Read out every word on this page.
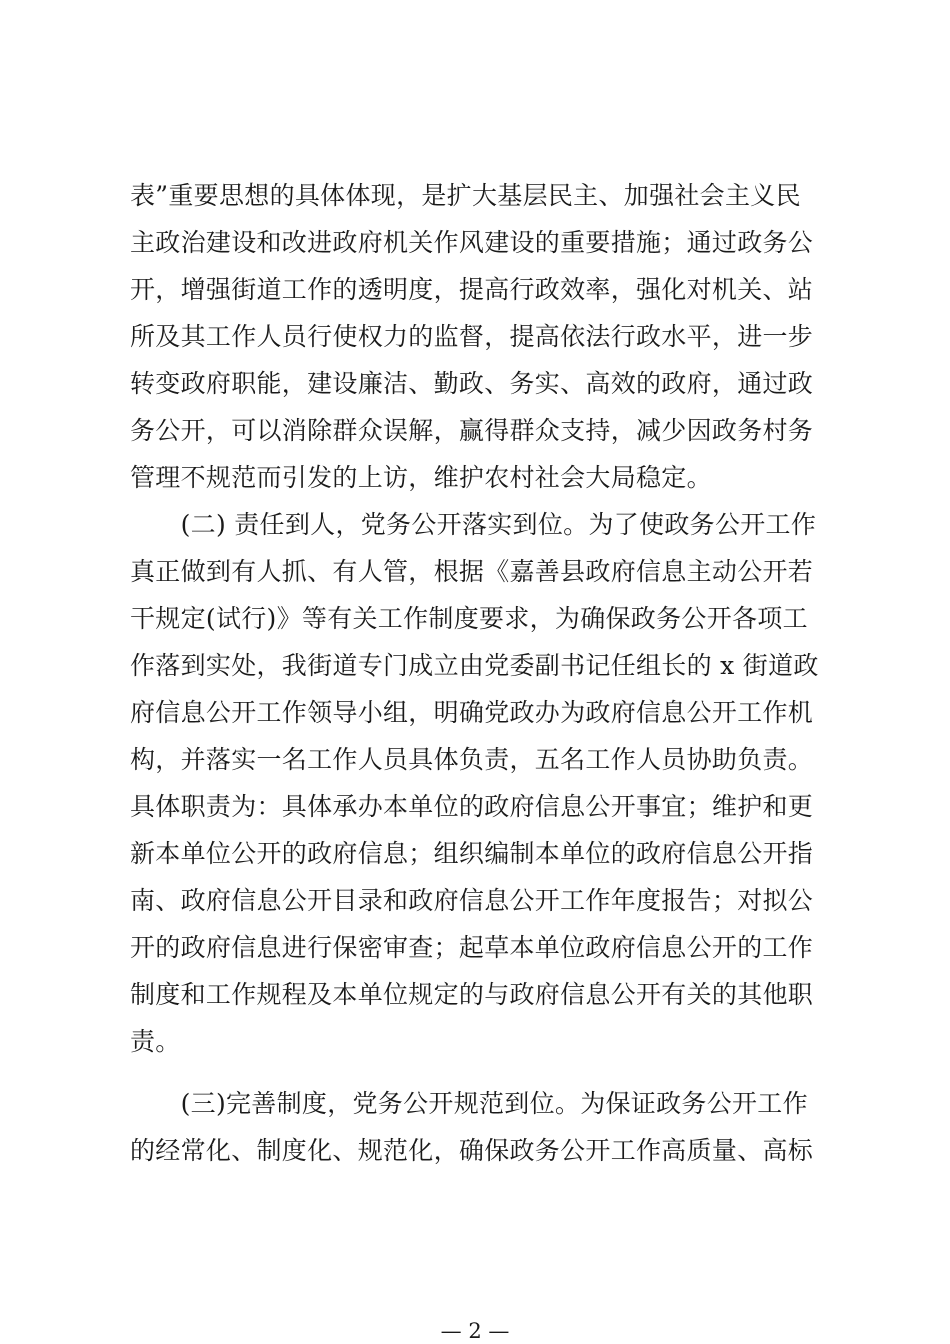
表”重要思想的具体体现，是扩大基层民主、加强社会主义民
主政治建设和改进政府机关作风建设的重要措施；通过政务公
开，增强街道工作的透明度，提高行政效率，强化对机关、站
所及其工作人员行使权力的监督，提高依法行政水平，进一步
转变政府职能，建设廉洁、勤政、务实、高效的政府，通过政
务公开，可以消除群众误解，赢得群众支持，减少因政务村务
管理不规范而引发的上访，维护农村社会大局稳定。
　　(二) 责任到人，党务公开落实到位。为了使政务公开工作
真正做到有人抓、有人管，根据《嘉善县政府信息主动公开若
干规定(试行)》等有关工作制度要求，为确保政务公开各项工
作落到实处，我街道专门成立由党委副书记任组长的 x 街道政
府信息公开工作领导小组，明确党政办为政府信息公开工作机
构，并落实一名工作人员具体负责，五名工作人员协助负责。
具体职责为：具体承办本单位的政府信息公开事宜；维护和更
新本单位公开的政府信息；组织编制本单位的政府信息公开指
南、政府信息公开目录和政府信息公开工作年度报告；对拟公
开的政府信息进行保密审查；起草本单位政府信息公开的工作
制度和工作规程及本单位规定的与政府信息公开有关的其他职
责。
　　(三)完善制度，党务公开规范到位。为保证政务公开工作
的经常化、制度化、规范化，确保政务公开工作高质量、高标
— 2 —
